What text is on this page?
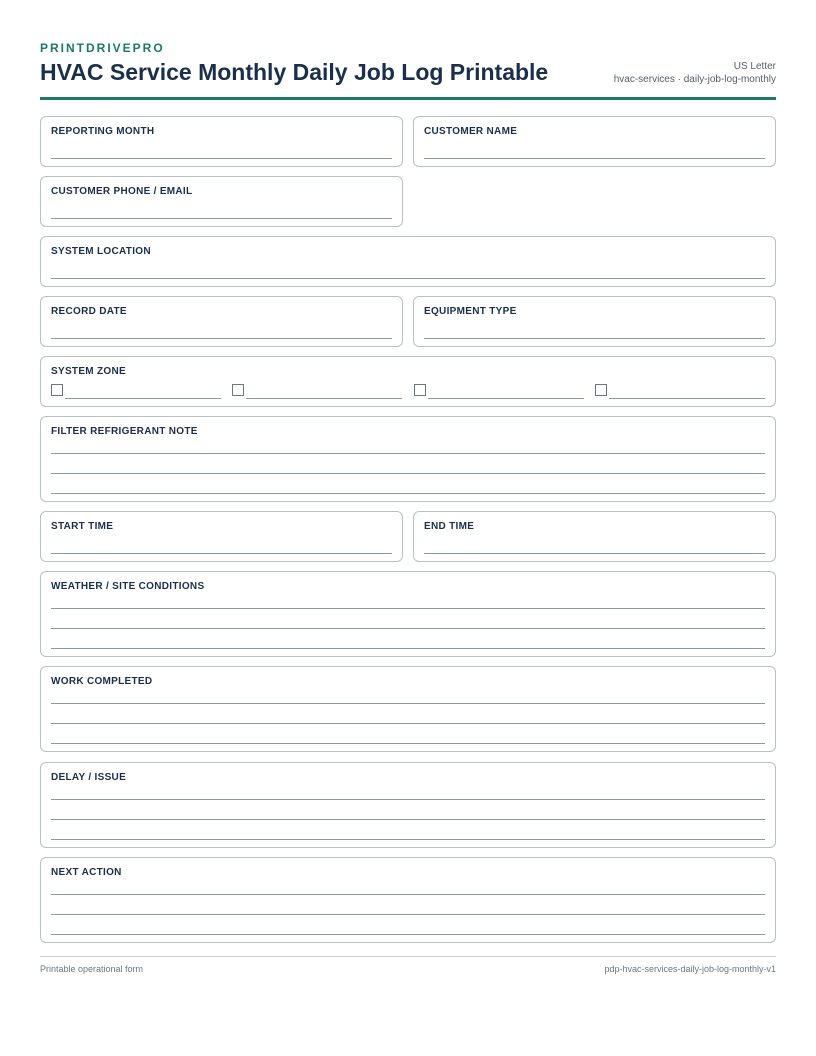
PRINTDRIVEPRO
HVAC Service Monthly Daily Job Log Printable	US Letter
hvac-services · daily-job-log-monthly
REPORTING MONTH	CUSTOMER NAME
CUSTOMER PHONE / EMAIL
SYSTEM LOCATION
RECORD DATE	EQUIPMENT TYPE
SYSTEM ZONE
FILTER REFRIGERANT NOTE
START TIME	END TIME
WEATHER / SITE CONDITIONS
WORK COMPLETED
DELAY / ISSUE
NEXT ACTION
Printable operational form	pdp-hvac-services-daily-job-log-monthly-v1
